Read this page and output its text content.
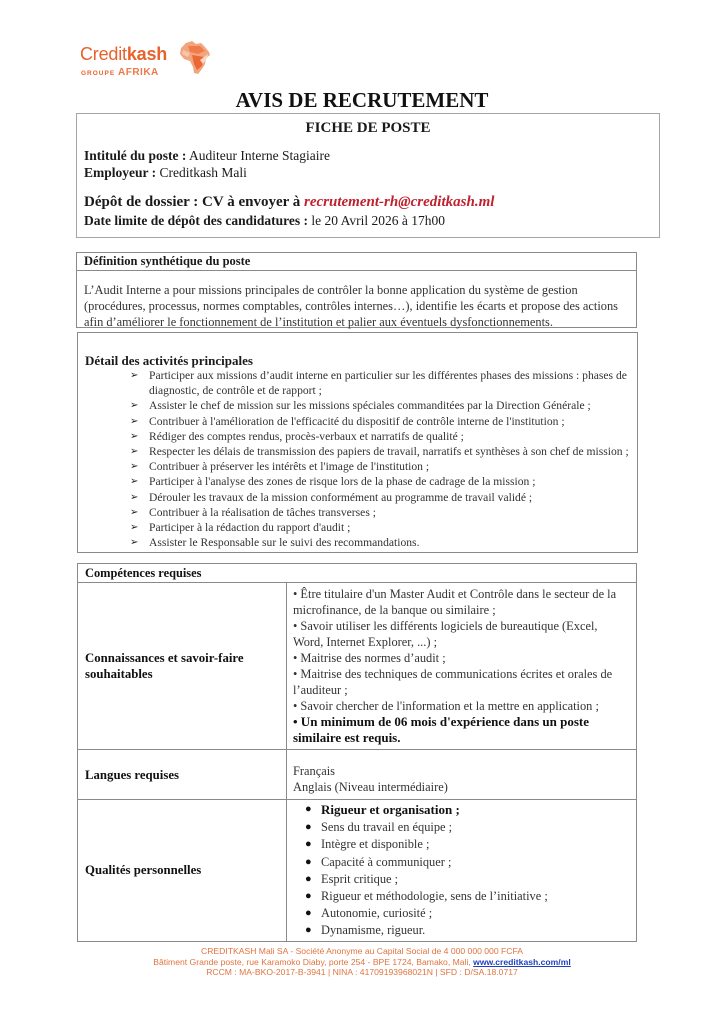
Creditkash
GROUPE AFRIKA
AVIS DE RECRUTEMENT
FICHE DE POSTE
Intitulé du poste : Auditeur Interne Stagiaire
Employeur : Creditkash Mali
Dépôt de dossier : CV à envoyer à recrutement-rh@creditkash.ml
Date limite de dépôt des candidatures : le 20 Avril 2026 à 17h00
Définition synthétique du poste
L’Audit Interne a pour missions principales de contrôler la bonne application du système de gestion (procédures, processus, normes comptables, contrôles internes…), identifie les écarts et propose des actions afin d’améliorer le fonctionnement de l’institution et palier aux éventuels dysfonctionnements.
Détail des activités principales
➢ Participer aux missions d’audit interne en particulier sur les différentes phases des missions : phases de diagnostic, de contrôle et de rapport ;
➢ Assister le chef de mission sur les missions spéciales commanditées par la Direction Générale ;
➢ Contribuer à l'amélioration de l'efficacité du dispositif de contrôle interne de l'institution ;
➢ Rédiger des comptes rendus, procès-verbaux et narratifs de qualité ;
➢ Respecter les délais de transmission des papiers de travail, narratifs et synthèses à son chef de mission ;
➢ Contribuer à préserver les intérêts et l'image de l'institution ;
➢ Participer à l'analyse des zones de risque lors de la phase de cadrage de la mission ;
➢ Dérouler les travaux de la mission conformément au programme de travail validé ;
➢ Contribuer à la réalisation de tâches transverses ;
➢ Participer à la rédaction du rapport d'audit ;
➢ Assister le Responsable sur le suivi des recommandations.
Compétences requises	
Connaissances et savoir-faire souhaitables	
• Être titulaire d'un Master Audit et Contrôle dans le secteur de la microfinance, de la banque ou similaire ;
• Savoir utiliser les différents logiciels de bureautique (Excel, Word, Internet Explorer, ...) ;
• Maitrise des normes d’audit ;
• Maitrise des techniques de communications écrites et orales de l’auditeur ;
• Savoir chercher de l'information et la mettre en application ;
• Un minimum de 06 mois d'expérience dans un poste similaire est requis.

Langues requises	Français
Anglais (Niveau intermédiaire)

Qualités personnelles	
● Rigueur et organisation ;
● Sens du travail en équipe ;
● Intègre et disponible ;
● Capacité à communiquer ;
● Esprit critique ;
● Rigueur et méthodologie, sens de l’initiative ;
● Autonomie, curiosité ;
● Dynamisme, rigueur.
CREDITKASH Mali SA - Société Anonyme au Capital Social de 4 000 000 000 FCFA
Bâtiment Grande poste, rue Karamoko Diaby, porte 254 - BPE 1724, Bamako, Mali, www.creditkash.com/ml
RCCM : MA-BKO-2017-B-3941 | NINA : 41709193968021N | SFD : D/SA.18.0717
